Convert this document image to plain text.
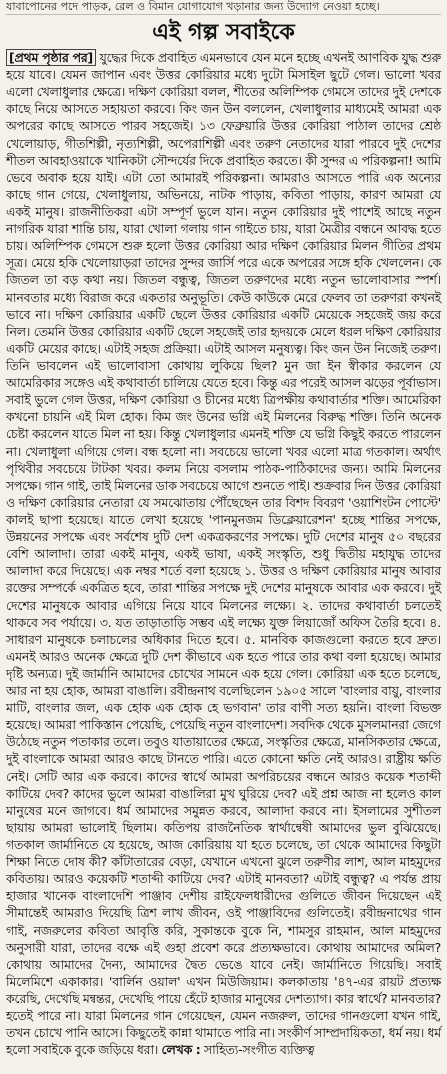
যাবাপোনের পদে পাড়ক, রেল ও বিমান যোগাযোগ খড়ানার জন্য উদ্যোগ নেওয়া হচ্ছে।
এই গল্প সবাইকে

[প্রথম পৃষ্ঠার পর] যুদ্ধের দিকে প্রবাহিত এমনভাবে যেন মনে হচ্ছে এখনই আণবিক যুদ্ধ শুরু হয়ে যাবে। যেমন জাপান এবং উত্তর কোরিয়ার মধ্যে দুটো মিসাইল ছুটে গেল। ভালো খবর এলো খেলাধুলার ক্ষেত্রে। দক্ষিণ কোরিয়া বলল, শীতের অলিম্পিক গেমসে তাদের দুই দেশকে কাছে নিয়ে আসতে সহায়তা করবে। কিং জন উন বললেন, খেলাধুলার মাধ্যমেই আমরা এক অপরের কাছে আসতে পারব সহজেই। ১৩ ফেব্রুয়ারি উত্তর কোরিয়া পাঠাল তাদের শ্রেষ্ঠ খেলোয়াড়, গীতশিল্পী, নৃত্যশিল্পী, অপেরাশিল্পী এবং তরুণ নেতাদের যারা পারবে দুই দেশের শীতল আবহাওয়াকে খানিকটা সৌন্দর্যের দিকে প্রবাহিত করতে। কী সুন্দর এ পরিকল্পনা! আমি ভেবে অবাক হয়ে যাই। এটা তো আমারই পরিকল্পনা। আমরাও আসতে পারি এক অন্যের কাছে গান গেয়ে, খেলাধুলায়, অভিনয়ে, নাটক পাড়ায়, কবিতা পাড়ায়, কারণ আমরা যে একই মানুষ। রাজনীতিকরা এটা সম্পূর্ণ ভুলে যান। নতুন কোরিয়ার দুই পাশেই আছে নতুন নাগরিক যারা শান্তি চায়, যারা খোলা গলায় গান গাইতে চায়, যারা মৈত্রীর বন্ধনে আবদ্ধ হতে চায়। অলিম্পিক গেমসে শুরু হলো উত্তর কোরিয়া আর দক্ষিণ কোরিয়ার মিলন গীতির প্রথম সূত্র। মেয়ে হকি খেলোয়াড়রা তাদের সুন্দর জার্সি পরে একে অপরের সঙ্গে হকি খেললেন। কে জিতল তা বড় কথা নয়। জিতল বন্ধুত্ব, জিতল তরুণদের মধ্যে নতুন ভালোবাসার স্পর্শ। মানবতার মধ্যে বিরাজ করে একতার অনুভূতি। কেউ কাউকে মেরে ফেলব তা তরুণরা কখনই ভাবে না। দক্ষিণ কোরিয়ার একটি ছেলে উত্তর কোরিয়ার একটি মেয়েকে সহজেই জয় করে নিল। তেমনি উত্তর কোরিয়ার একটি ছেলে সহজেই তার হৃদয়কে মেলে ধরল দক্ষিণ কোরিয়ার একটি মেয়ের কাছে। এটাই সহজ প্রক্রিয়া। এটাই আসল মনুষ্যত্ব। কিং জন উন নিজেই তরুণ। তিনি ভাবলেন এই ভালোবাসা কোথায় লুকিয়ে ছিল? মুন জা ইন স্বীকার করলেন যে আমেরিকার সঙ্গেও এই কথাবার্তা চালিয়ে যেতে হবে। কিন্তু এর পরেই আসল ঝড়ের পূর্বাভাস। সবাই ভুলে গেল উত্তর, দক্ষিণ কোরিয়া ও চীনের মধ্যে ত্রিপক্ষীয় কথাবার্তার শক্তি। আমেরিকা কখনো চায়নি এই মিল হোক। কিম জং উনের ভগ্নি এই মিলনের বিরুদ্ধ শক্তি। তিনি অনেক চেষ্টা করলেন যাতে মিল না হয়। কিন্তু খেলাধুলার এমনই শক্তি যে ভগ্নি কিছুই করতে পারলেন না। খেলাধুলা এগিয়ে গেল। বন্ধ হলো না। সবচেয়ে ভালো খবর এলো মাত্র গতকাল। অর্থাৎ পৃথিবীর সবচেয়ে টাটকা খবর। কলম নিয়ে বসলাম পাঠক-পাঠিকাদের জন্য। আমি মিলনের সপক্ষে। গান গাই, তাই মিলনের ডাক সবচেয়ে আগে শুনতে পাই। শুক্রবার দিন উত্তর কোরিয়া ও দক্ষিণ কোরিয়ার নেতারা যে সমঝোতায় পৌঁছেছেন তার বিশদ বিবরণ 'ওয়াশিংটন পোস্টে' কালই ছাপা হয়েছে। যাতে লেখা হয়েছে 'পানমুনজম ডিক্লেয়ারেশন' হচ্ছে শান্তির সপক্ষে, উন্নয়নের সপক্ষে এবং সর্বশেষ দুটি দেশ একত্রকরণের সপক্ষে। দুটি দেশের মানুষ ৫০ বছরের বেশি আলাদা। তারা একই মানুষ, একই ভাষা, একই সংস্কৃতি, শুধু দ্বিতীয় মহাযুদ্ধ তাদের আলাদা করে দিয়েছে। এক নম্বর শর্তে বলা হয়েছে ১. উত্তর ও দক্ষিণ কোরিয়ার মানুষ আবার রক্তের সম্পর্কে একত্রিত হবে, তারা শান্তির সপক্ষে দুই দেশের মানুষকে আবার এক করবে। দুই দেশের মানুষকে আবার এগিয়ে নিয়ে যাবে মিলনের লক্ষ্যে। ২. তাদের কথাবার্তা চলতেই থাকবে সব পর্যায়ে। ৩. যত তাড়াতাড়ি সম্ভব এই লক্ষ্যে যুক্ত লিয়াজোঁ অফিস তৈরি হবে। ৪. সাধারণ মানুষকে চলাচলের অধিকার দিতে হবে। ৫. মানবিক কাজগুলো করতে হবে দ্রুত। এমনই আরও অনেক ক্ষেত্রে দুটি দেশ কীভাবে এক হতে পারে তার কথা বলা হয়েছে। আমার দৃষ্টি অন্যত্র। দুই জার্মানি আমাদের চোখের সামনে এক হয়ে গেল। কোরিয়া এক হতে চলেছে, আর না হয় হোক, আমরা বাঙালি। রবীন্দ্রনাথ বলেছিলেন ১৯০৫ সালে 'বাংলার বায়ু, বাংলার মাটি, বাংলার জল, এক হোক এক হোক হে ভগবান' তার বাণী সত্য হয়নি। বাংলা বিভক্ত হয়েছে। আমরা পাকিস্তান পেয়েছি, পেয়েছি নতুন বাংলাদেশ। সবদিক থেকে মুসলমানরা জেগে উঠেছে নতুন পতাকার তলে। তবুও যাতায়াতের ক্ষেত্রে, সংস্কৃতির ক্ষেত্রে, মানসিকতার ক্ষেত্রে, দুই বাংলাকে আমরা আরও কাছে টানতে পারি। এতে কোনো ক্ষতি নেই আরও। রাষ্ট্রীয় ক্ষতি নেই। সেটি আর এক করবে। কাদের স্বার্থে আমরা অপরিচয়ের বন্ধনে আরও কয়েক শতাব্দী কাটিয়ে দেব? কাদের ভুলে আমরা বাঙালিরা মুখ ঘুরিয়ে দেব? এই প্রশ্ন আজ না হলেও কাল মানুষের মনে জাগবে। ধর্ম আমাদের সমুন্নত করবে, আলাদা করবে না। ইসলামের সুশীতল ছায়ায় আমরা ভালোই ছিলাম। কতিপয় রাজনৈতিক স্বার্থান্বেষী আমাদের ভুল বুঝিয়েছে। গতকাল জার্মানিতে যে হয়েছে, আজ কোরিয়ায় যা হতে চলেছে, তা থেকে আমাদের কিছুটা শিক্ষা নিতে দোষ কী? কাঁটাতারের বেড়া, যেখানে এখনো ঝুলে তরুণীর লাশ, আল মাহমুদের কবিতায়। আরও কয়েকটি শতাব্দী কাটিয়ে দেব? এটাই মানবতা? এটাই বন্ধুত্ব? এ পর্যন্ত প্রায় হাজার খানেক বাংলাদেশি পাঞ্জাব দেশীয় রাইফেলধারীদের গুলিতে জীবন দিয়েছেন এই সীমান্তেই আমরাও দিয়েছি ত্রিশ লাখ জীবন, ওই পাঞ্জাবিদের গুলিতেই। রবীন্দ্রনাথের গান গাই, নজরুলের কবিতা আবৃত্তি করি, সুকান্তকে বুকে নি, শামসুর রাহমান, আল মাহমুদের অনুসারী যারা, তাদের বক্ষে এই গুহা প্রবেশ করে প্রত্যক্ষভাবে। কোথায় আমাদের অমিল? কোথায় আমাদের দৈন্য, আমাদের দ্বৈত ভেঙে যাবে নেই। জার্মানিতে গিয়েছি। সবাই মিলেমিশে একাকার। 'বার্লিন ওয়াল' এখন মিউজিয়াম। কলকাতায় '৪৭-এর রায়ট প্রত্যক্ষ করেছি, দেখেছি মন্বন্তর, দেখেছি পায়ে হেঁটে হাজার মানুষের দেশত্যাগ। কার স্বার্থে? মানবতার? হতেই পারে না। যারা মিলনের গান গেয়েছেন, যেমন নজরুল, তাদের গানগুলো যখন গাই, তখন চোখে পানি আসে। কিছুতেই কান্না থামাতে পারি না। সংকীর্ণ সাম্প্রদায়িকতা, ধর্ম নয়। ধর্ম হলো সবাইকে বুকে জড়িয়ে ধরা। লেখক : সাহিত্য-সংগীত ব্যক্তিত্ব
